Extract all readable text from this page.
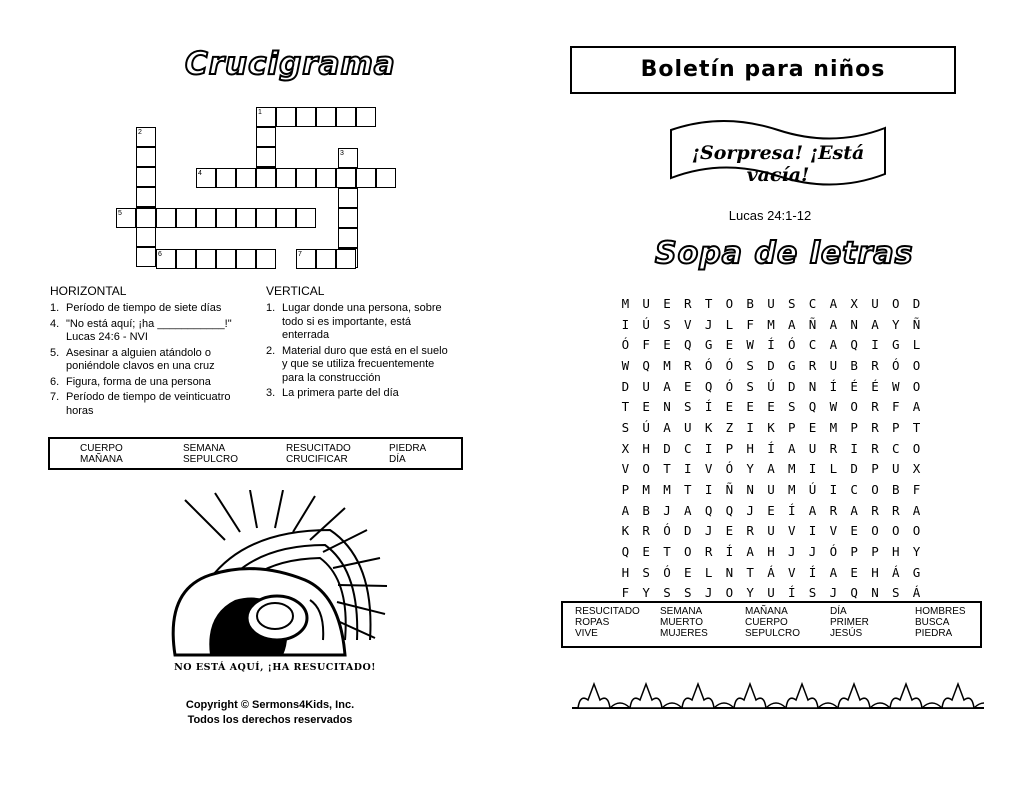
Crucigrama
1
2
3
4
5
6	7
HORIZONTAL
1. Período de tiempo de siete días
4. "No está aquí; ¡ha ___________!" Lucas 24:6 - NVI
5. Asesinar a alguien atándolo o poniéndole clavos en una cruz
6. Figura, forma de una persona
7. Período de tiempo de veinticuatro horas
VERTICAL
1. Lugar donde una persona, sobre todo si es importante, está enterrada
2. Material duro que está en el suelo y que se utiliza frecuentemente para la construcción
3. La primera parte del día
CUERPO	SEMANA	RESUCITADO	PIEDRA
MAÑANA	SEPULCRO	CRUCIFICAR	DÍA
NO ESTÁ AQUÍ, ¡HA RESUCITADO!
Copyright © Sermons4Kids, Inc.
Todos los derechos reservados
Boletín para niños
¡Sorpresa! ¡Está vacía!
Lucas 24:1-12
Sopa de letras
M	U	E	R	T	O	B	U	S	C	A	X	U	O	D
I	Ú	S	V	J	L	F	M	A	Ñ	A	N	A	Y	Ñ
Ó	F	E	Q	G	E	W	Í	Ó	C	A	Q	I	G	L
W	Q	M	R	Ó	Ó	S	D	G	R	U	B	R	Ó	O
D	U	A	E	Q	Ó	S	Ú	D	N	Í	É	É	W	O
T	E	N	S	Í	E	E	E	S	Q	W	O	R	F	A
S	Ú	A	U	K	Z	I	K	P	E	M	P	R	P	T
X	H	D	C	I	P	H	Í	A	U	R	I	R	C	O
V	O	T	I	V	Ó	Y	A	M	I	L	D	P	U	X
P	M	M	T	I	Ñ	N	U	M	Ú	I	C	O	B	F
A	B	J	A	Q	Q	J	E	Í	A	R	A	R	R	A
K	R	Ó	D	J	E	R	U	V	I	V	E	O	O	O
Q	E	T	O	R	Í	A	H	J	J	Ó	P	P	H	Y
H	S	Ó	E	L	N	T	Á	V	Í	A	E	H	Á	G
F	Y	S	S	J	O	Y	U	Í	S	J	Q	N	S	Á
RESUCITADO	SEMANA	MAÑANA	DÍA	HOMBRES
ROPAS	MUERTO	CUERPO	PRIMER	BUSCA
VIVE	MUJERES	SEPULCRO	JESÚS	PIEDRA
